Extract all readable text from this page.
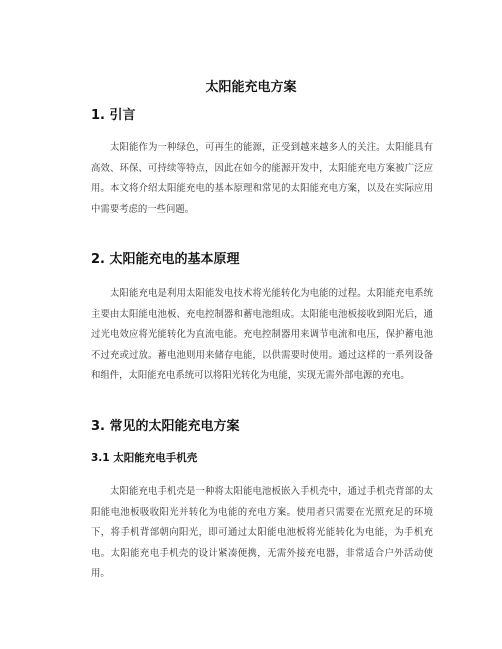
太阳能充电方案
1. 引言

太阳能作为一种绿色，可再生的能源，正受到越来越多人的关注。太阳能具有高效、环保、可持续等特点，因此在如今的能源开发中，太阳能充电方案被广泛应用。本文将介绍太阳能充电的基本原理和常见的太阳能充电方案，以及在实际应用中需要考虑的一些问题。

2. 太阳能充电的基本原理

太阳能充电是利用太阳能发电技术将光能转化为电能的过程。太阳能充电系统主要由太阳能电池板、充电控制器和蓄电池组成。太阳能电池板接收到阳光后，通过光电效应将光能转化为直流电能。充电控制器用来调节电流和电压，保护蓄电池不过充或过放。蓄电池则用来储存电能，以供需要时使用。通过这样的一系列设备和组件，太阳能充电系统可以将阳光转化为电能，实现无需外部电源的充电。

3. 常见的太阳能充电方案
3.1 太阳能充电手机壳

太阳能充电手机壳是一种将太阳能电池板嵌入手机壳中，通过手机壳背部的太阳能电池板吸收阳光并转化为电能的充电方案。使用者只需要在光照充足的环境下，将手机背部朝向阳光，即可通过太阳能电池板将光能转化为电能，为手机充电。太阳能充电手机壳的设计紧凑便携，无需外接充电器，非常适合户外活动使用。
